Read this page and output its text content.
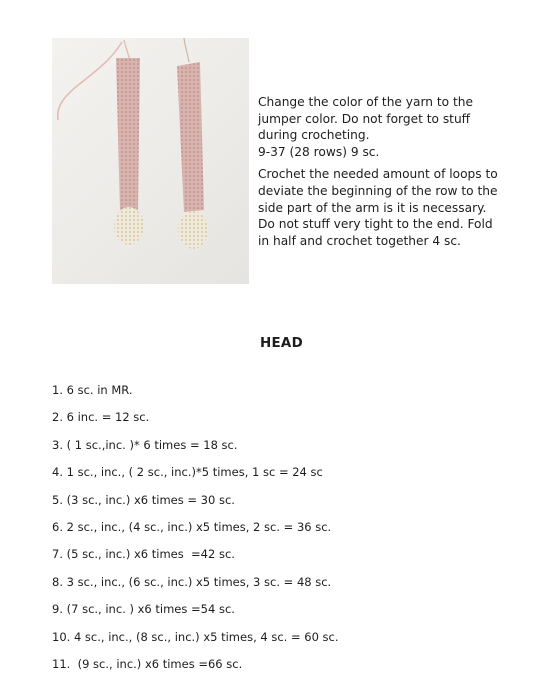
Change the color of the yarn to the
jumper color. Do not forget to stuff
during crocheting.
9-37 (28 rows) 9 sc.

Crochet the needed amount of loops to
deviate the beginning of the row to the
side part of the arm is it is necessary.
Do not stuff very tight to the end. Fold
in half and crochet together 4 sc.

HEAD
1. 6 sc. in MR.
2. 6 inc. = 12 sc.
3. ( 1 sc.,inc. )* 6 times = 18 sc.
4. 1 sc., inc., ( 2 sc., inc.)*5 times, 1 sc = 24 sc
5. (3 sc., inc.) x6 times = 30 sc.
6. 2 sc., inc., (4 sc., inc.) x5 times, 2 sc. = 36 sc.
7. (5 sc., inc.) x6 times  =42 sc.
8. 3 sc., inc., (6 sc., inc.) x5 times, 3 sc. = 48 sc.
9. (7 sc., inc. ) x6 times =54 sc.
10. 4 sc., inc., (8 sc., inc.) x5 times, 4 sc. = 60 sc.
11.  (9 sc., inc.) x6 times =66 sc.
